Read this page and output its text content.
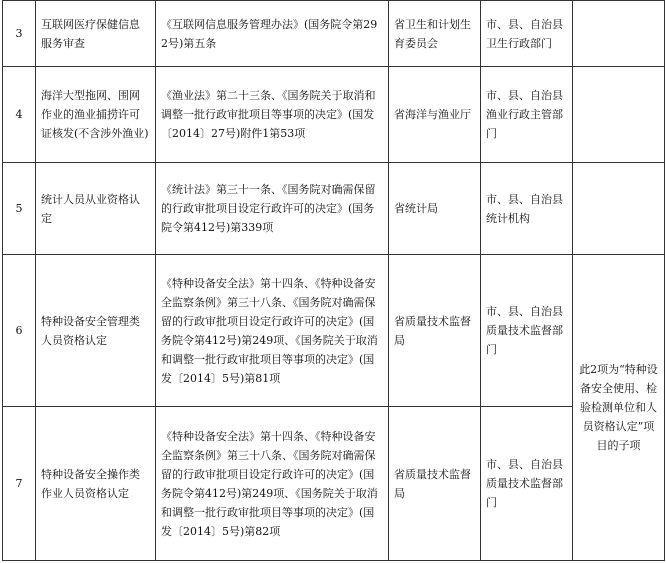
3	互联网医疗保健信息服务审查	《互联网信息服务管理办法》(国务院令第292号)第五条	省卫生和计划生育委员会	市、县、自治县卫生行政部门	
4	海洋大型拖网、围网作业的渔业捕捞许可证核发(不含涉外渔业)	《渔业法》第二十三条、《国务院关于取消和调整一批行政审批项目等事项的决定》(国发〔2014〕27号)附件1第53项	省海洋与渔业厅	市、县、自治县渔业行政主管部门	
5	统计人员从业资格认定	《统计法》第三十一条、《国务院对确需保留的行政审批项目设定行政许可的决定》(国务院令第412号)第339项	省统计局	市、县、自治县统计机构	
6	特种设备安全管理类人员资格认定	《特种设备安全法》第十四条、《特种设备安全监察条例》第三十八条、《国务院对确需保留的行政审批项目设定行政许可的决定》(国务院令第412号)第249项、《国务院关于取消和调整一批行政审批项目等事项的决定》(国发〔2014〕5号)第81项	省质量技术监督局	市、县、自治县质量技术监督部门	此2项为“特种设备安全使用、检验检测单位和人员资格认定”项目的子项
7	特种设备安全操作类作业人员资格认定	《特种设备安全法》第十四条、《特种设备安全监察条例》第三十八条、《国务院对确需保留的行政审批项目设定行政许可的决定》(国务院令第412号)第249项、《国务院关于取消和调整一批行政审批项目等事项的决定》(国发〔2014〕5号)第82项	省质量技术监督局	市、县、自治县质量技术监督部门	
